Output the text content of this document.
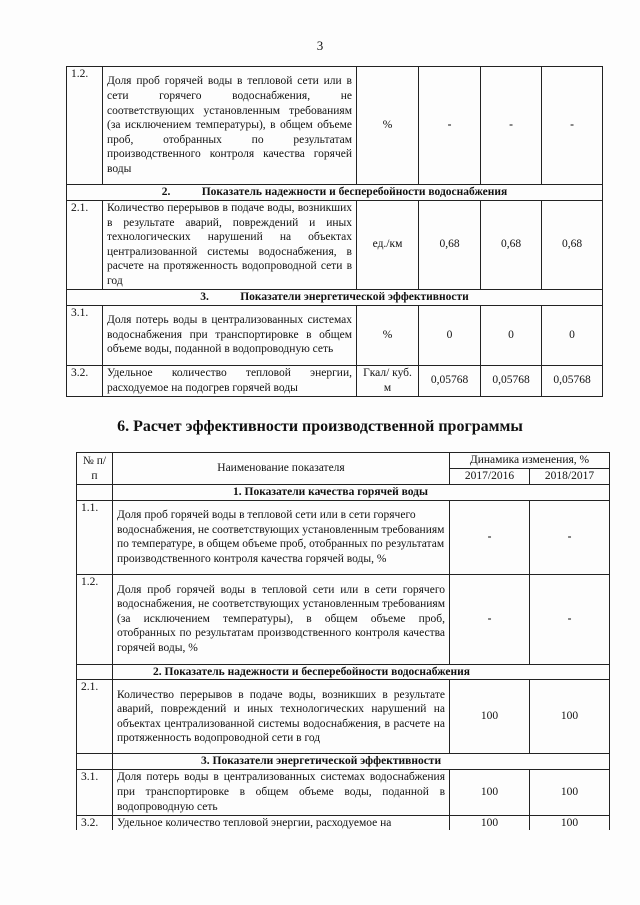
3
1.2.	Доля проб горячей воды в тепловой сети или в сети горячего водоснабжения, не соответствующих установленным требованиям (за исключением температуры), в общем объеме проб, отобранных по результатам производственного контроля качества горячей воды	%	-	-	-
2. Показатель надежности и бесперебойности водоснабжения					
2.1.	Количество перерывов в подаче воды, возникших в результате аварий, повреждений и иных технологических нарушений на объектах централизованной системы водоснабжения, в расчете на протяженность водопроводной сети в год	ед./км	0,68	0,68	0,68
3. Показатели энергетической эффективности					
3.1.	Доля потерь воды в централизованных системах водоснабжения при транспортировке в общем объеме воды, поданной в водопроводную сеть	%	0	0	0
3.2.	Удельное количество тепловой энергии, расходуемое на подогрев горячей воды	Гкал/ куб. м	0,05768	0,05768	0,05768
6. Расчет эффективности производственной программы
№ п/п	Наименование показателя	Динамика изменения, %	
		2017/2016	2018/2017
	1. Показатели качества горячей воды		
1.1.	Доля проб горячей воды в тепловой сети или в сети горячего водоснабжения, не соответствующих установленным требованиям по температуре, в общем объеме проб, отобранных по результатам производственного контроля качества горячей воды, %	-	-
1.2.	Доля проб горячей воды в тепловой сети или в сети горячего водоснабжения, не соответствующих установленным требованиям (за исключением температуры), в общем объеме проб, отобранных по результатам производственного контроля качества горячей воды, %	-	-
	2. Показатель надежности и бесперебойности водоснабжения		
2.1.	Количество перерывов в подаче воды, возникших в результате аварий, повреждений и иных технологических нарушений на объектах централизованной системы водоснабжения, в расчете на протяженность водопроводной сети в год	100	100
	3. Показатели энергетической эффективности		
3.1.	Доля потерь воды в централизованных системах водоснабжения при транспортировке в общем объеме воды, поданной в водопроводную сеть	100	100
3.2.	Удельное количество тепловой энергии, расходуемое на	100	100
